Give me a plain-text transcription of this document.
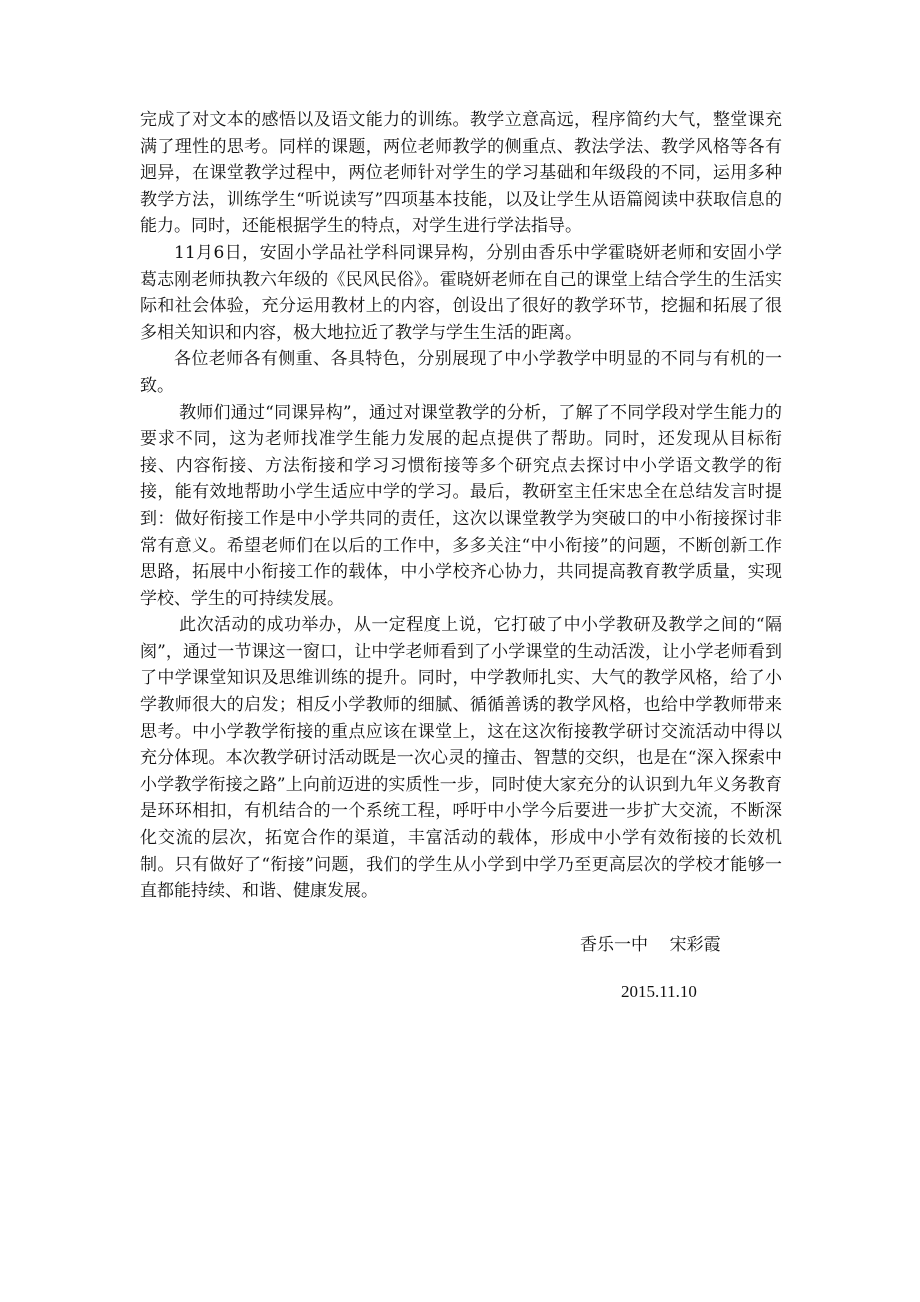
完成了对文本的感悟以及语文能力的训练。教学立意高远，程序简约大气，整堂课充满了理性的思考。同样的课题，两位老师教学的侧重点、教法学法、教学风格等各有迥异，在课堂教学过程中，两位老师针对学生的学习基础和年级段的不同，运用多种教学方法，训练学生“听说读写”四项基本技能，以及让学生从语篇阅读中获取信息的能力。同时，还能根据学生的特点，对学生进行学法指导。

11月6日，安固小学品社学科同课异构，分别由香乐中学霍晓妍老师和安固小学葛志刚老师执教六年级的《民风民俗》。霍晓妍老师在自己的课堂上结合学生的生活实际和社会体验，充分运用教材上的内容，创设出了很好的教学环节，挖掘和拓展了很多相关知识和内容，极大地拉近了教学与学生生活的距离。

各位老师各有侧重、各具特色，分别展现了中小学教学中明显的不同与有机的一致。

教师们通过“同课异构”，通过对课堂教学的分析，了解了不同学段对学生能力的要求不同，这为老师找准学生能力发展的起点提供了帮助。同时，还发现从目标衔接、内容衔接、方法衔接和学习习惯衔接等多个研究点去探讨中小学语文教学的衔接，能有效地帮助小学生适应中学的学习。最后，教研室主任宋忠全在总结发言时提到：做好衔接工作是中小学共同的责任，这次以课堂教学为突破口的中小衔接探讨非常有意义。希望老师们在以后的工作中，多多关注“中小衔接”的问题，不断创新工作思路，拓展中小衔接工作的载体，中小学校齐心协力，共同提高教育教学质量，实现学校、学生的可持续发展。

此次活动的成功举办，从一定程度上说，它打破了中小学教研及教学之间的“隔阂”，通过一节课这一窗口，让中学老师看到了小学课堂的生动活泼，让小学老师看到了中学课堂知识及思维训练的提升。同时，中学教师扎实、大气的教学风格，给了小学教师很大的启发；相反小学教师的细腻、循循善诱的教学风格，也给中学教师带来思考。中小学教学衔接的重点应该在课堂上，这在这次衔接教学研讨交流活动中得以充分体现。本次教学研讨活动既是一次心灵的撞击、智慧的交织，也是在“深入探索中小学教学衔接之路”上向前迈进的实质性一步，同时使大家充分的认识到九年义务教育是环环相扣，有机结合的一个系统工程，呼吁中小学今后要进一步扩大交流，不断深化交流的层次，拓宽合作的渠道，丰富活动的载体，形成中小学有效衔接的长效机制。只有做好了“衔接”问题，我们的学生从小学到中学乃至更高层次的学校才能够一直都能持续、和谐、健康发展。

香乐一中    宋彩霞
2015.11.10
